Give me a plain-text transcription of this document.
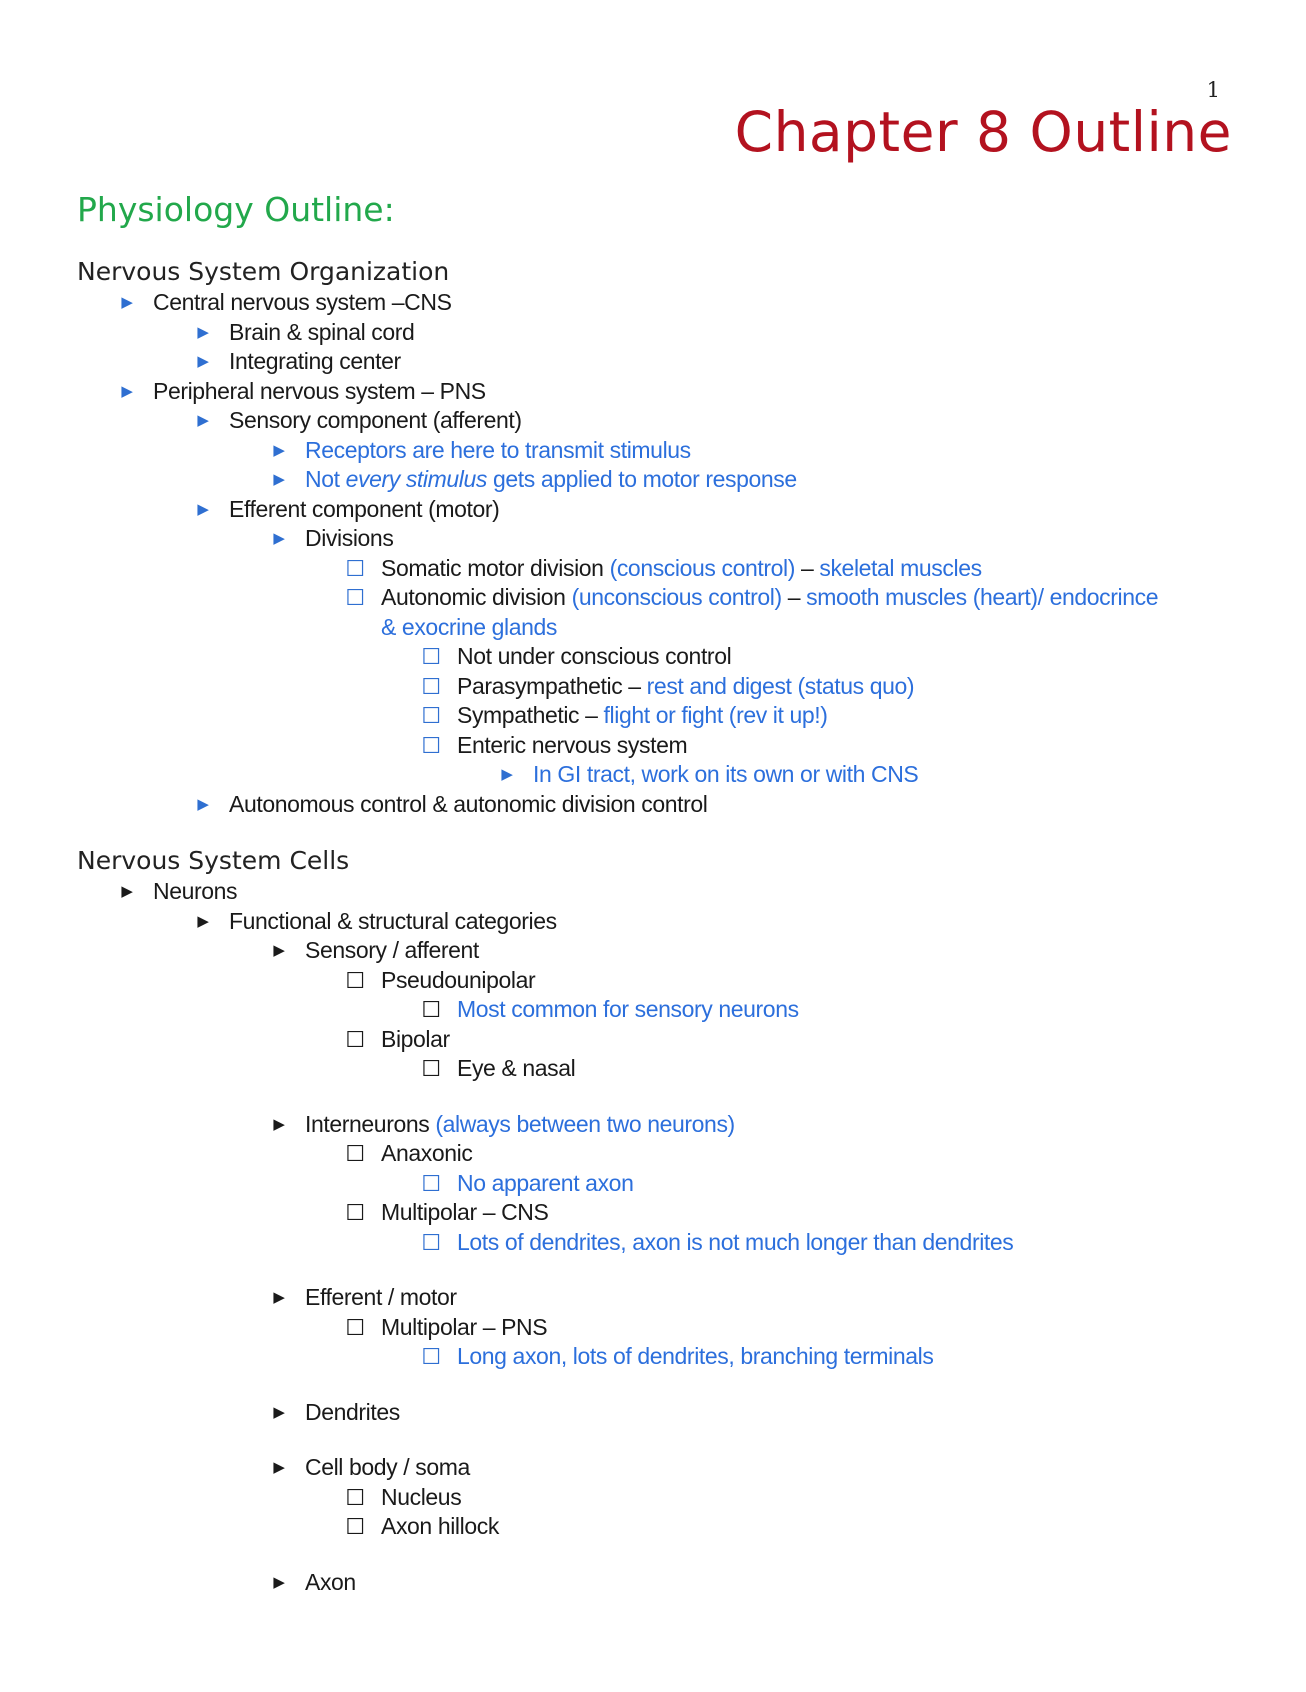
1
Chapter 8 Outline
Physiology Outline:
Nervous System Organization
▶ Central nervous system –CNS
▶ Brain & spinal cord
▶ Integrating center
▶ Peripheral nervous system – PNS
▶ Sensory component (afferent)
▶ Receptors are here to transmit stimulus
▶ Not every stimulus gets applied to motor response
▶ Efferent component (motor)
▶ Divisions
☐ Somatic motor division (conscious control) – skeletal muscles
☐ Autonomic division (unconscious control) – smooth muscles (heart)/ endocrince & exocrine glands
☐ Not under conscious control
☐ Parasympathetic – rest and digest (status quo)
☐ Sympathetic – flight or fight (rev it up!)
☐ Enteric nervous system
▶ In GI tract, work on its own or with CNS
▶ Autonomous control & autonomic division control
Nervous System Cells
▶ Neurons
▶ Functional & structural categories
▶ Sensory / afferent
☐ Pseudounipolar
☐ Most common for sensory neurons
☐ Bipolar
☐ Eye & nasal
▶ Interneurons (always between two neurons)
☐ Anaxonic
☐ No apparent axon
☐ Multipolar – CNS
☐ Lots of dendrites, axon is not much longer than dendrites
▶ Efferent / motor
☐ Multipolar – PNS
☐ Long axon, lots of dendrites, branching terminals
▶ Dendrites
▶ Cell body / soma
☐ Nucleus
☐ Axon hillock
▶ Axon
